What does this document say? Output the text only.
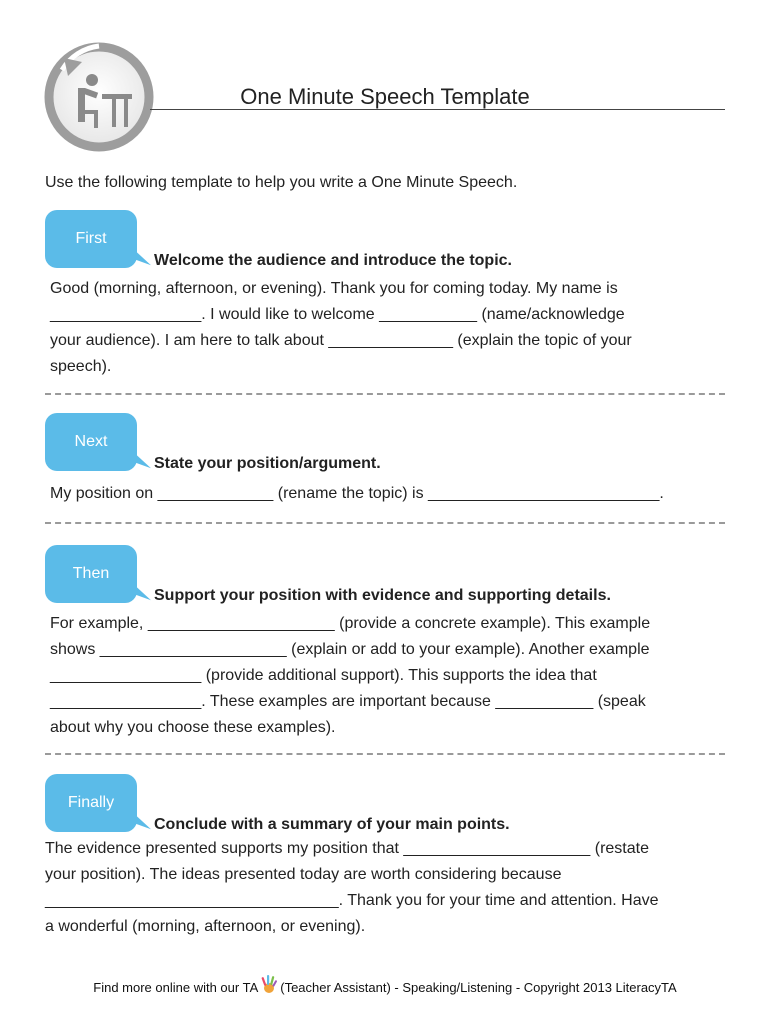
One Minute Speech Template
Use the following template to help you write a One Minute Speech.
First
Welcome the audience and introduce the topic.
Good (morning, afternoon, or evening). Thank you for coming today. My name is
_________________. I would like to welcome ___________ (name/acknowledge
your audience). I am here to talk about ______________ (explain the topic of your
speech).
Next
State your position/argument.
My position on _____________ (rename the topic) is __________________________.
Then
Support your position with evidence and supporting details.
For example, _____________________ (provide a concrete example). This example
shows _____________________ (explain or add to your example). Another example
_________________ (provide additional support). This supports the idea that
_________________. These examples are important because ___________ (speak
about why you choose these examples).
Finally
Conclude with a summary of your main points.
The evidence presented supports my position that _____________________ (restate
your position). The ideas presented today are worth considering because
_________________________________. Thank you for your time and attention. Have
a wonderful (morning, afternoon, or evening).
Find more online with our TA (Teacher Assistant) - Speaking/Listening - Copyright 2013 LiteracyTA
